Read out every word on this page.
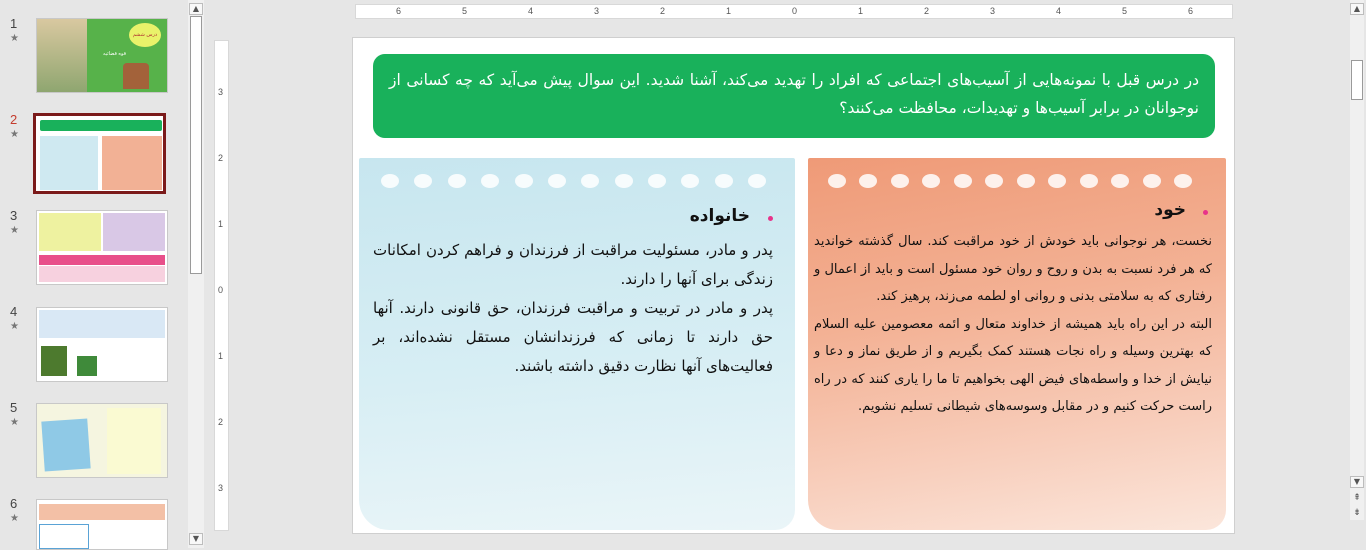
1
★	درس ششم
قوه قضائیه
2
★
3
★
4
★
5
★
6
★
▲
▼
6	5	4	3	2	1	0	1	2	3	4	5	6
3
2
1
0
1
2
3
در درس قبل با نمونه‌هایی از آسیب‌های اجتماعی که افراد را تهدید می‌کند، آشنا شدید. این سوال پیش می‌آید که چه کسانی از نوجوانان در برابر آسیب‌ها و تهدیدات، محافظت می‌کنند؟
خانواده

پدر و مادر، مسئولیت مراقبت از فرزندان و فراهم کردن امکانات زندگی برای آنها را دارند.

پدر و مادر در تربیت و مراقبت فرزندان، حق قانونی دارند. آنها حق دارند تا زمانی که فرزندانشان مستقل نشده‌اند، بر فعالیت‌های آنها نظارت دقیق داشته باشند.

خود

نخست، هر نوجوانی باید خودش از خود مراقبت کند. سال گذشته خواندید که هر فرد نسبت به بدن و روح و روان خود مسئول است و باید از اعمال و رفتاری که به سلامتی بدنی و روانی او لطمه می‌زند، پرهیز کند.

البته در این راه باید همیشه از خداوند متعال و ائمه معصومین علیه السلام که بهترین وسیله و راه نجات هستند کمک بگیریم و از طریق نماز و دعا و نیایش از خدا و واسطه‌های فیض الهی بخواهیم تا ما را یاری کنند که در راه راست حرکت کنیم و در مقابل وسوسه‌های شیطانی تسلیم نشویم.

▲
▼
⇞
⇟
